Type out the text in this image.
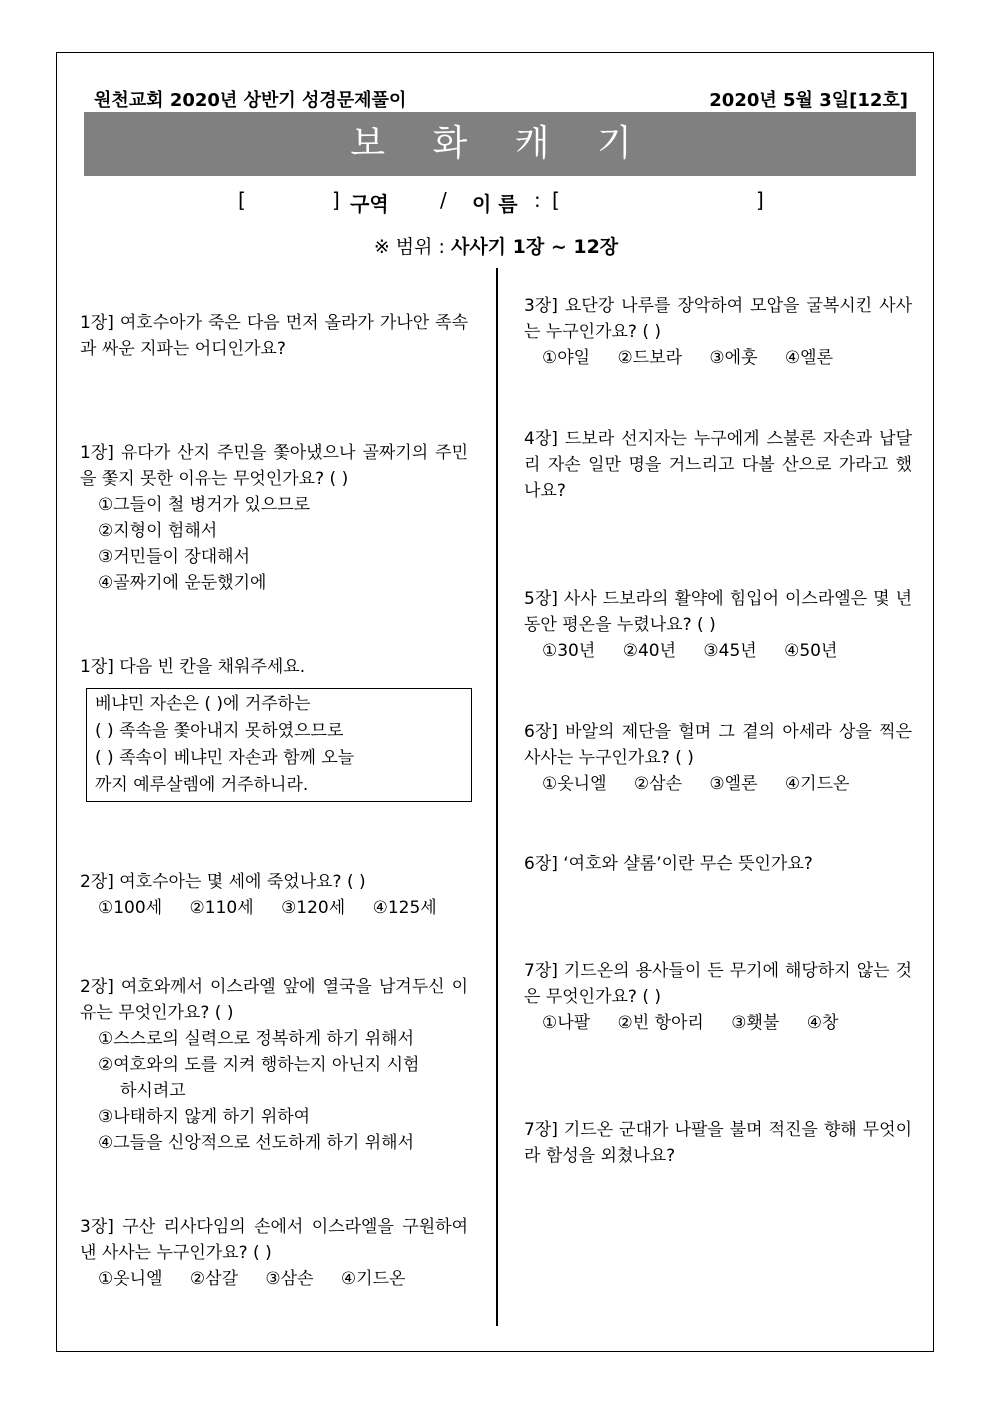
원천교회 2020년 상반기 성경문제풀이	2020년 5월 3일[12호]
보 화 캐 기
[	] 구역	/ 이 름 : [	]
※ 범위 : 사사기 1장 ~ 12장
1장] 여호수아가 죽은 다음 먼저 올라가 가나안 족속과 싸운 지파는 어디인가요?
1장] 유다가 산지 주민을 쫓아냈으나 골짜기의 주민을 쫓지 못한 이유는 무엇인가요? ( )
①그들이 철 병거가 있으므로
②지형이 험해서
③거민들이 장대해서
④골짜기에 운둔했기에
1장] 다음 빈 칸을 채워주세요.
베냐민 자손은 ( )에 거주하는
( ) 족속을 쫓아내지 못하였으므로
( ) 족속이 베냐민 자손과 함께 오늘
까지 예루살렘에 거주하니라.
2장] 여호수아는 몇 세에 죽었나요? ( )
①100세 ②110세 ③120세 ④125세
2장] 여호와께서 이스라엘 앞에 열국을 남겨두신 이유는 무엇인가요? ( )
①스스로의 실력으로 정복하게 하기 위해서
②여호와의 도를 지켜 행하는지 아닌지 시험
하시려고
③나태하지 않게 하기 위하여
④그들을 신앙적으로 선도하게 하기 위해서
3장] 구산 리사다임의 손에서 이스라엘을 구원하여 낸 사사는 누구인가요? ( )
①옷니엘 ②삼갈 ③삼손 ④기드온
3장] 요단강 나루를 장악하여 모압을 굴복시킨 사사는 누구인가요? ( )
①야일 ②드보라 ③에훗 ④엘론
4장] 드보라 선지자는 누구에게 스불론 자손과 납달리 자손 일만 명을 거느리고 다볼 산으로 가라고 했나요?
5장] 사사 드보라의 활약에 힘입어 이스라엘은 몇 년 동안 평온을 누렸나요? ( )
①30년 ②40년 ③45년 ④50년
6장] 바알의 제단을 헐며 그 곁의 아세라 상을 찍은 사사는 누구인가요? ( )
①옷니엘 ②삼손 ③엘론 ④기드온
6장] ‘여호와 샬롬’이란 무슨 뜻인가요?
7장] 기드온의 용사들이 든 무기에 해당하지 않는 것은 무엇인가요? ( )
①나팔 ②빈 항아리 ③횃불 ④창
7장] 기드온 군대가 나팔을 불며 적진을 향해 무엇이라 함성을 외쳤나요?
